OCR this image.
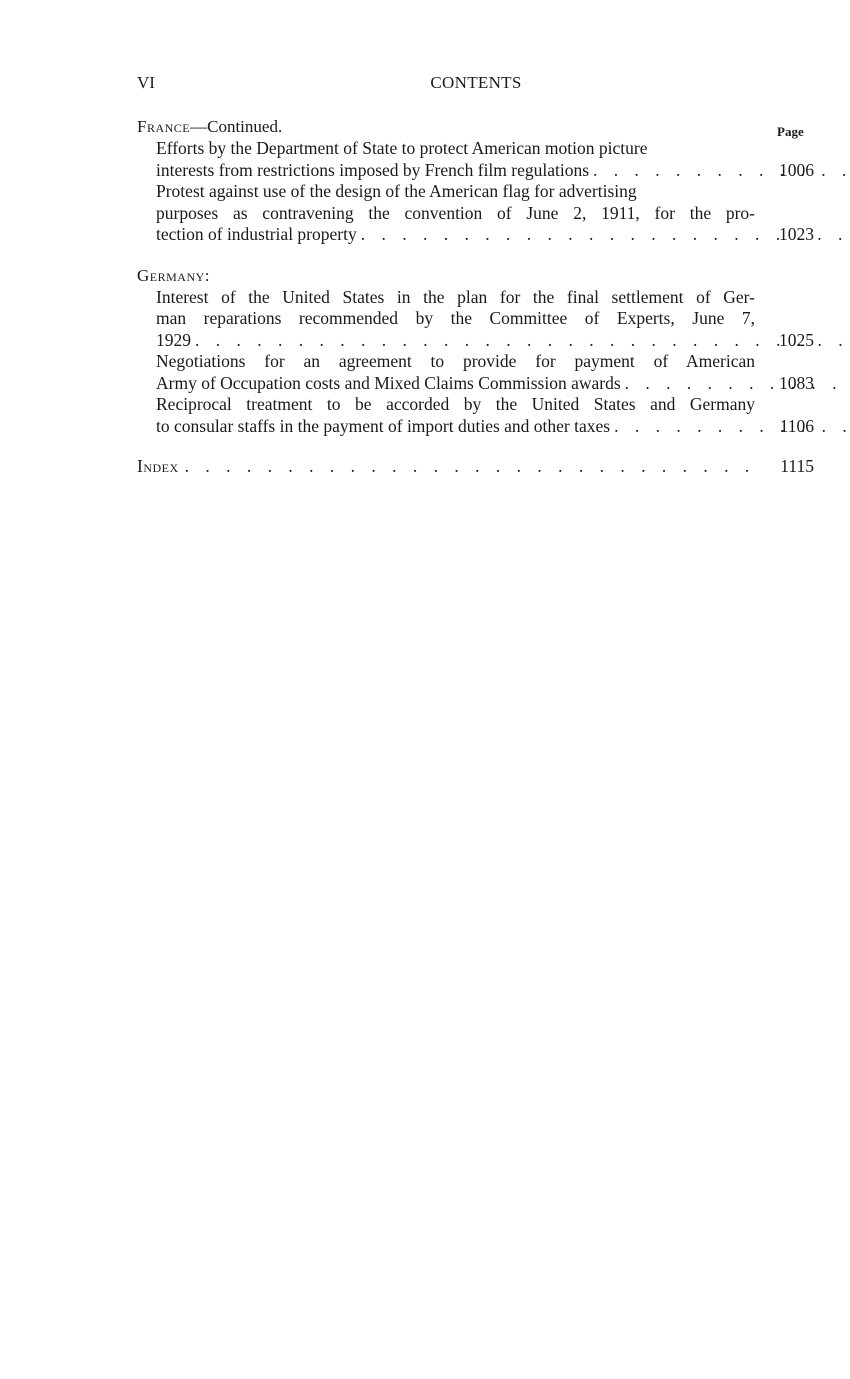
VI	CONTENTS
Page
France—Continued.
Efforts by the Department of State to protect American motion picture
interests from restrictions imposed by French film regulations . . .	1006
Protest against use of the design of the American flag for advertising
purposes as contravening the convention of June 2, 1911, for the pro-
tection of industrial property . . .	1023
Germany:
Interest of the United States in the plan for the final settlement of Ger-
man reparations recommended by the Committee of Experts, June 7,
1929 . . .	1025
Negotiations for an agreement to provide for payment of American
Army of Occupation costs and Mixed Claims Commission awards . . .	1083
Reciprocal treatment to be accorded by the United States and Germany
to consular staffs in the payment of import duties and other taxes . . .	1106
Index . . .	1115
